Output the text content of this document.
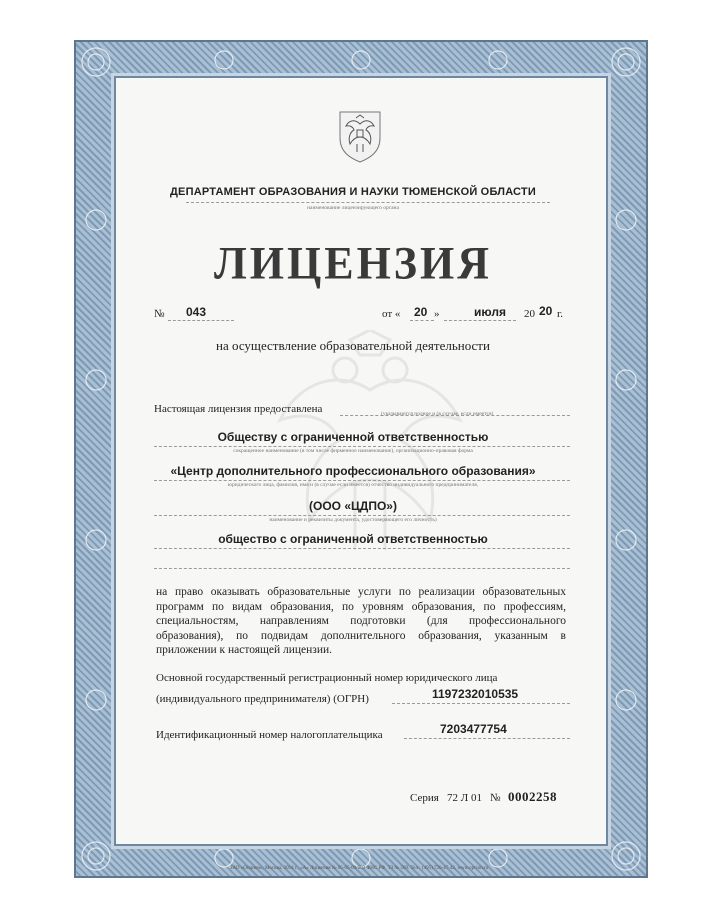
ДЕПАРТАМЕНТ ОБРАЗОВАНИЯ И НАУКИ ТЮМЕНСКОЙ ОБЛАСТИ
наименование лицензирующего органа
ЛИЦЕНЗИЯ
№ 043	от « 20 »	июля 20 20 г.
на осуществление образовательной деятельности
Настоящая лицензия предоставлена	(указываются полное и (в случае, если имеется)
Обществу с ограниченной ответственностью
сокращенное наименование (в том числе фирменное наименование), организационно-правовая форма
«Центр дополнительного профессионального образования»
юридического лица, фамилия, имя и (в случае если имеется) отчество индивидуального предпринимателя,
(ООО «ЦДПО»)
наименование и реквизиты документа, удостоверяющего его личность)
общество с ограниченной ответственностью
на право оказывать образовательные услуги по реализации образовательных
программ по видам образования, по уровням образования, по профессиям,
специальностям, направлениям подготовки (для профессионального
образования), по подвидам дополнительного образования, указанным в
приложении к настоящей лицензии.
Основной государственный регистрационный номер юридического лица
(индивидуального предпринимателя) (ОГРН)	1197232010535
Идентификационный номер налогоплательщика	7203477754
Серия 72 Л 01 № 0002258
ЗАО «Опцион», Москва, 2014 г., «А» Лицензия № 05-05-09/003 ФНС РФ, ТЗ № 569. Тел.: (495) 726-47-42, www.opcion.ru
